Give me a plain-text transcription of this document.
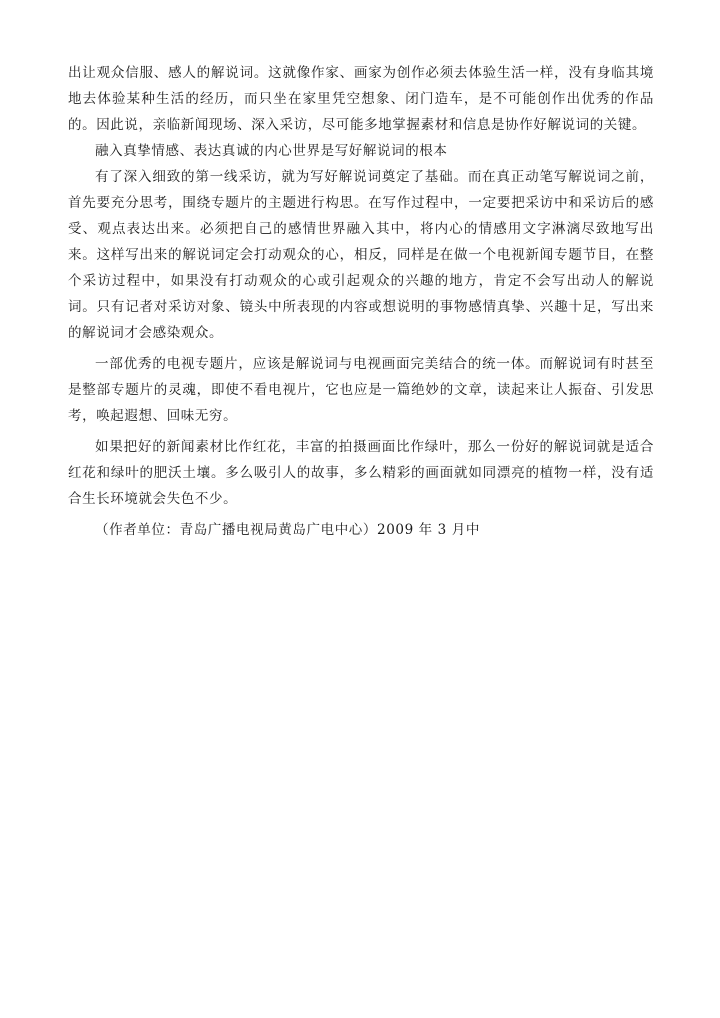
出让观众信服、感人的解说词。这就像作家、画家为创作必须去体验生活一样，没有身临其境地去体验某种生活的经历，而只坐在家里凭空想象、闭门造车，是不可能创作出优秀的作品的。因此说，亲临新闻现场、深入采访，尽可能多地掌握素材和信息是协作好解说词的关键。

融入真挚情感、表达真诚的内心世界是写好解说词的根本

有了深入细致的第一线采访，就为写好解说词奠定了基础。而在真正动笔写解说词之前，首先要充分思考，围绕专题片的主题进行构思。在写作过程中，一定要把采访中和采访后的感受、观点表达出来。必须把自己的感情世界融入其中，将内心的情感用文字淋漓尽致地写出来。这样写出来的解说词定会打动观众的心，相反，同样是在做一个电视新闻专题节目，在整个采访过程中，如果没有打动观众的心或引起观众的兴趣的地方，肯定不会写出动人的解说词。只有记者对采访对象、镜头中所表现的内容或想说明的事物感情真挚、兴趣十足，写出来的解说词才会感染观众。

一部优秀的电视专题片，应该是解说词与电视画面完美结合的统一体。而解说词有时甚至是整部专题片的灵魂，即使不看电视片，它也应是一篇绝妙的文章，读起来让人振奋、引发思考，唤起遐想、回味无穷。

如果把好的新闻素材比作红花，丰富的拍摄画面比作绿叶，那么一份好的解说词就是适合红花和绿叶的肥沃土壤。多么吸引人的故事，多么精彩的画面就如同漂亮的植物一样，没有适合生长环境就会失色不少。

（作者单位：青岛广播电视局黄岛广电中心）2009 年 3 月中
